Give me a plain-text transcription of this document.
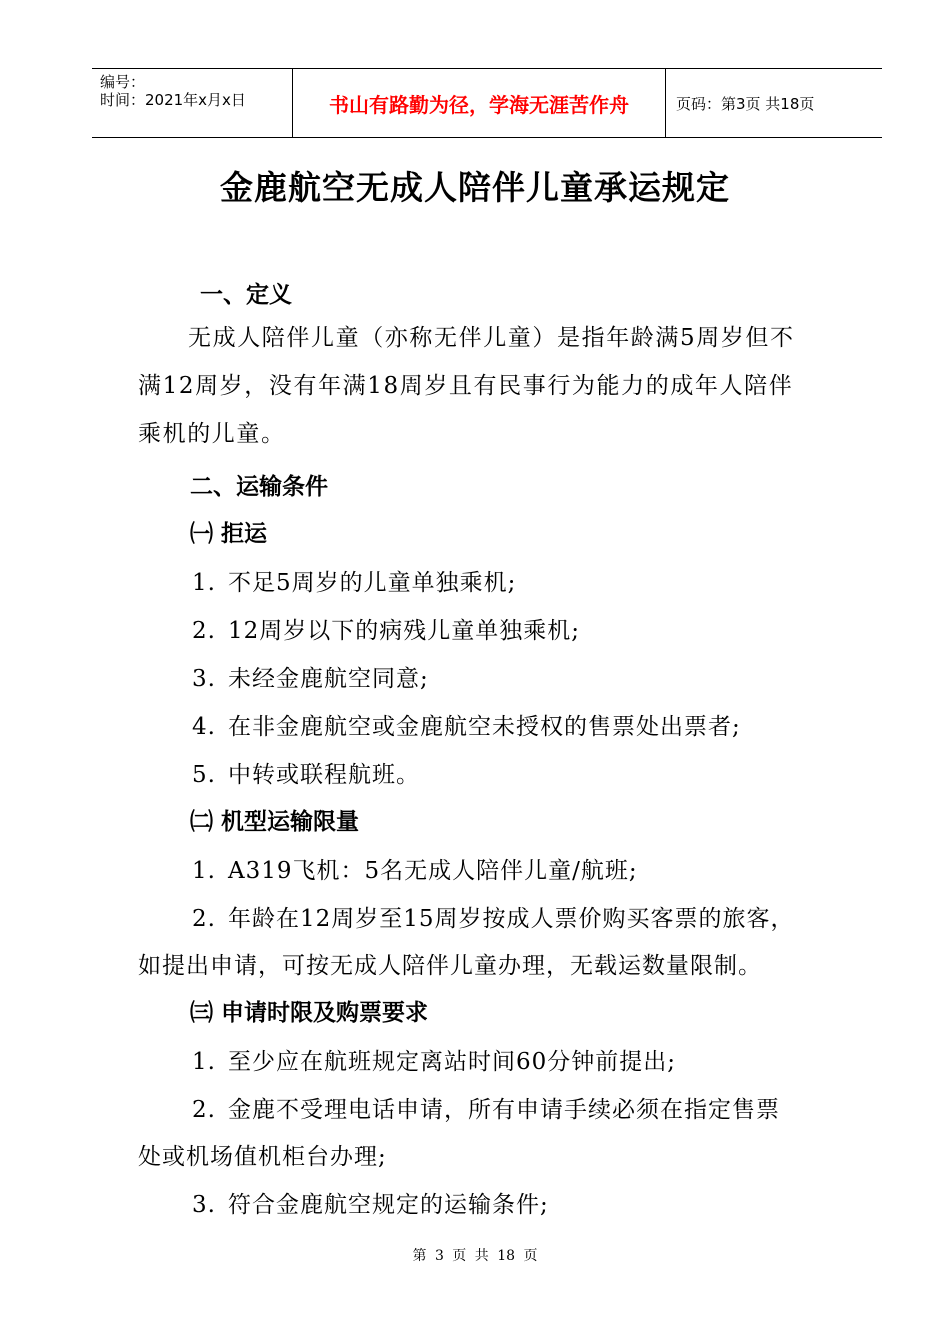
编号：
时间：2021年x月x日	书山有路勤为径，学海无涯苦作舟	页码：第3页 共18页
金鹿航空无成人陪伴儿童承运规定
一、定义
无成人陪伴儿童（亦称无伴儿童）是指年龄满5周岁但不

满12周岁，没有年满18周岁且有民事行为能力的成年人陪伴
乘机的儿童。
二、运输条件
㈠ 拒运
1. 不足5周岁的儿童单独乘机;
2. 12周岁以下的病残儿童单独乘机;
3. 未经金鹿航空同意;
4. 在非金鹿航空或金鹿航空未授权的售票处出票者;
5. 中转或联程航班。
㈡ 机型运输限量
1. A319飞机：5名无成人陪伴儿童/航班;
2. 年龄在12周岁至15周岁按成人票价购买客票的旅客，
如提出申请，可按无成人陪伴儿童办理，无载运数量限制。
㈢ 申请时限及购票要求
1. 至少应在航班规定离站时间60分钟前提出;
2. 金鹿不受理电话申请，所有申请手续必须在指定售票
处或机场值机柜台办理;
3. 符合金鹿航空规定的运输条件;
第 3 页 共 18 页
